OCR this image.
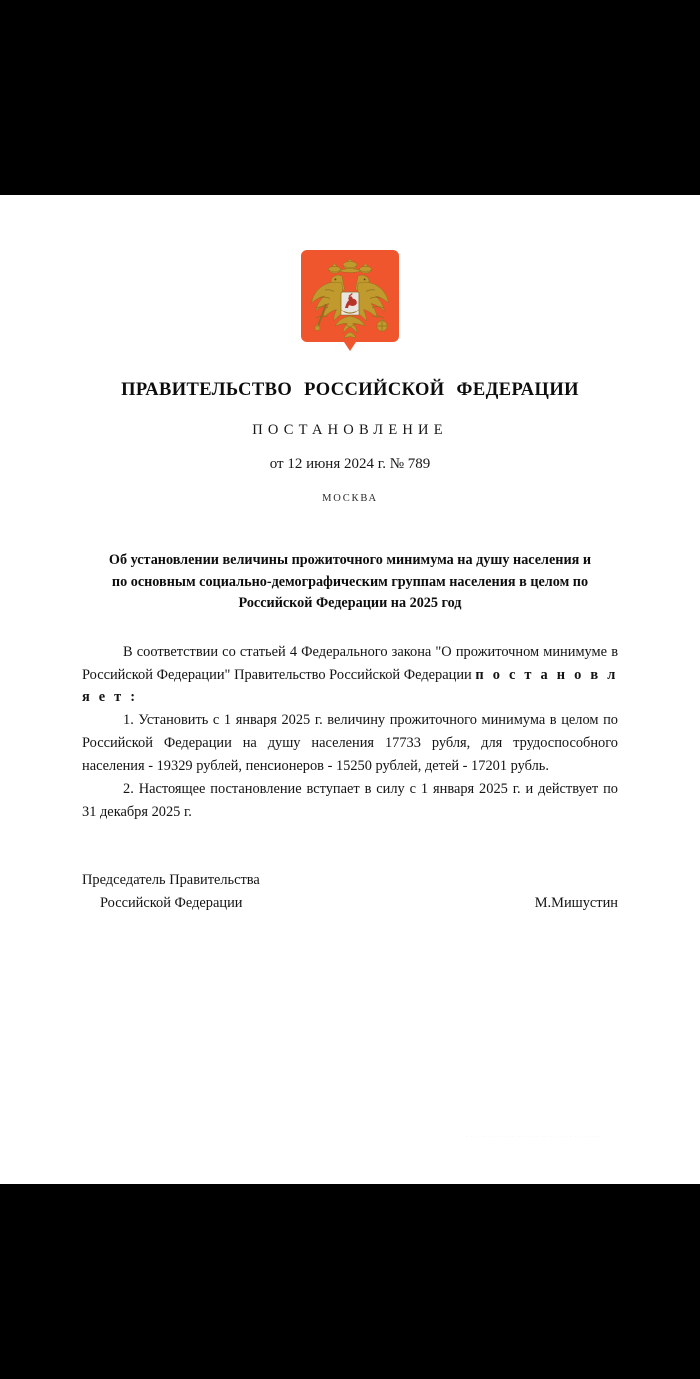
ПРАВИТЕЛЬСТВО РОССИЙСКОЙ ФЕДЕРАЦИИ
ПОСТАНОВЛЕНИЕ
от 12 июня 2024 г. № 789
МОСКВА
Об установлении величины прожиточного минимума на душу населения и по основным социально-демографическим группам населения в целом по Российской Федерации на 2025 год

В соответствии со статьей 4 Федерального закона "О прожиточном минимуме в Российской Федерации" Правительство Российской Федерации п о с т а н о в л я е т :

1. Установить с 1 января 2025 г. величину прожиточного минимума в целом по Российской Федерации на душу населения 17733 рубля, для трудоспособного населения - 19329 рублей, пенсионеров - 15250 рублей, детей - 17201 рубль.

2. Настоящее постановление вступает в силу с 1 января 2025 г. и действует по 31 декабря 2025 г.

Председатель Правительства
Российской Федерации	М.Мишустин
· · ·· · ·· ···· ··· ·· ·· ····· ··· ··· ··· · ··· ·· ····
